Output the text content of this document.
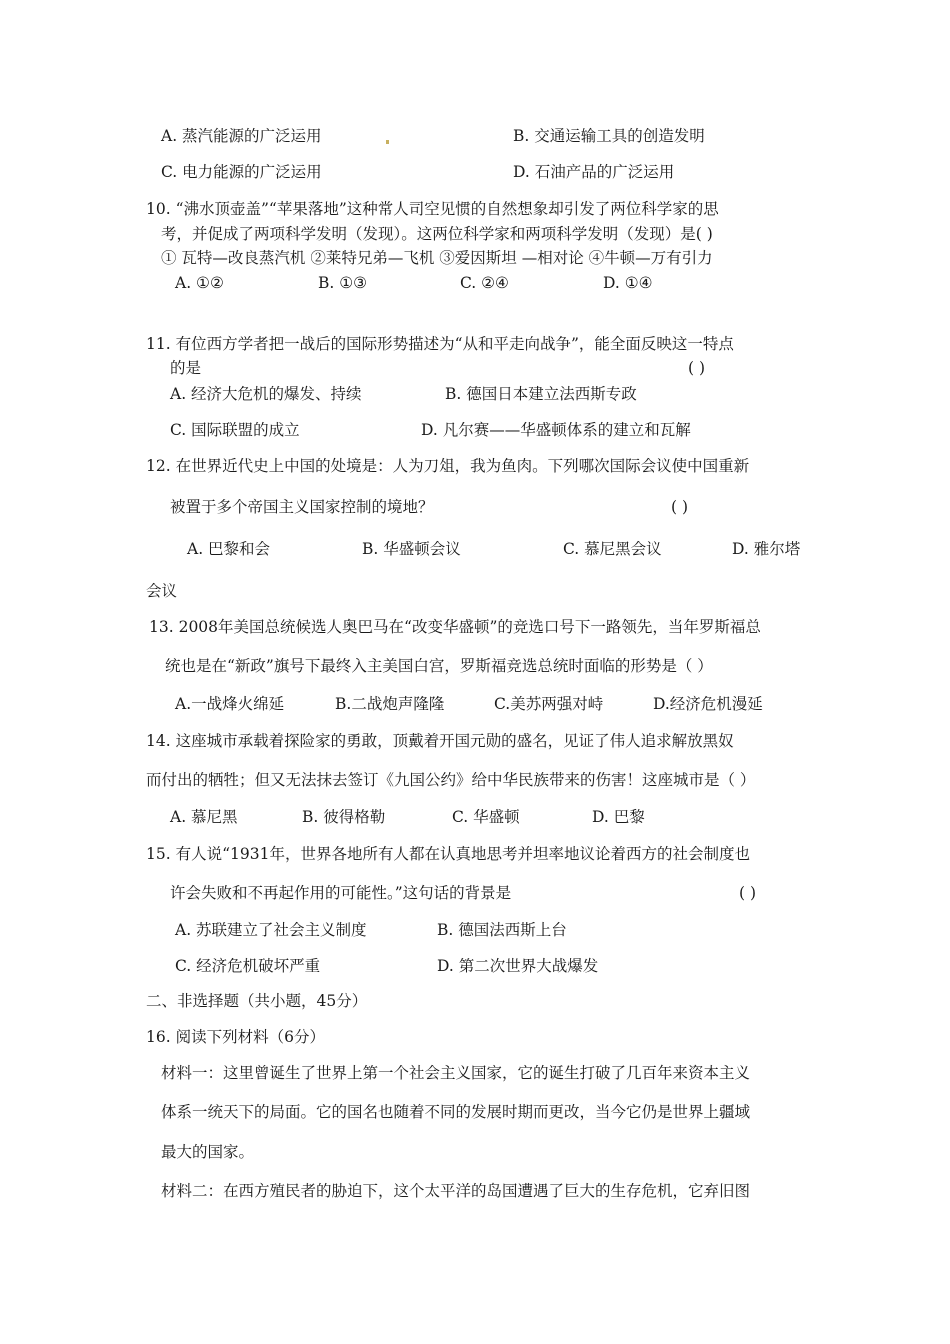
A. 蒸汽能源的广泛运用	B. 交通运输工具的创造发明
C. 电力能源的广泛运用	D. 石油产品的广泛运用
10. “沸水顶壶盖”“苹果落地”这种常人司空见惯的自然想象却引发了两位科学家的思
考，并促成了两项科学发明（发现）。这两位科学家和两项科学发明（发现）是( )
① 瓦特—改良蒸汽机 ②莱特兄弟—飞机 ③爱因斯坦 —相对论 ④牛顿—万有引力
A. ①②	B. ①③	C. ②④	D. ①④
11. 有位西方学者把一战后的国际形势描述为“从和平走向战争”，能全面反映这一特点
的是	( )
A. 经济大危机的爆发、持续	B. 德国日本建立法西斯专政
C. 国际联盟的成立	D. 凡尔赛——华盛顿体系的建立和瓦解
12. 在世界近代史上中国的处境是：人为刀俎，我为鱼肉。下列哪次国际会议使中国重新
被置于多个帝国主义国家控制的境地？	( )
A. 巴黎和会	B. 华盛顿会议	C. 慕尼黑会议	D. 雅尔塔
会议
13. 2008年美国总统候选人奥巴马在“改变华盛顿”的竞选口号下一路领先，当年罗斯福总
统也是在“新政”旗号下最终入主美国白宫，罗斯福竞选总统时面临的形势是（ ）
A.一战烽火绵延	B.二战炮声隆隆	C.美苏两强对峙	D.经济危机漫延
14. 这座城市承载着探险家的勇敢，顶戴着开国元勋的盛名，见证了伟人追求解放黑奴
而付出的牺牲；但又无法抹去签订《九国公约》给中华民族带来的伤害！这座城市是（ ）
A. 慕尼黑	B. 彼得格勒	C. 华盛顿	D. 巴黎
15. 有人说“1931年，世界各地所有人都在认真地思考并坦率地议论着西方的社会制度也
许会失败和不再起作用的可能性。”这句话的背景是	( )
A. 苏联建立了社会主义制度	B. 德国法西斯上台
C. 经济危机破坏严重	D. 第二次世界大战爆发
二、非选择题（共小题，45分）
16. 阅读下列材料（6分）
材料一：这里曾诞生了世界上第一个社会主义国家，它的诞生打破了几百年来资本主义
体系一统天下的局面。它的国名也随着不同的发展时期而更改，当今它仍是世界上疆域
最大的国家。
材料二：在西方殖民者的胁迫下，这个太平洋的岛国遭遇了巨大的生存危机，它弃旧图
